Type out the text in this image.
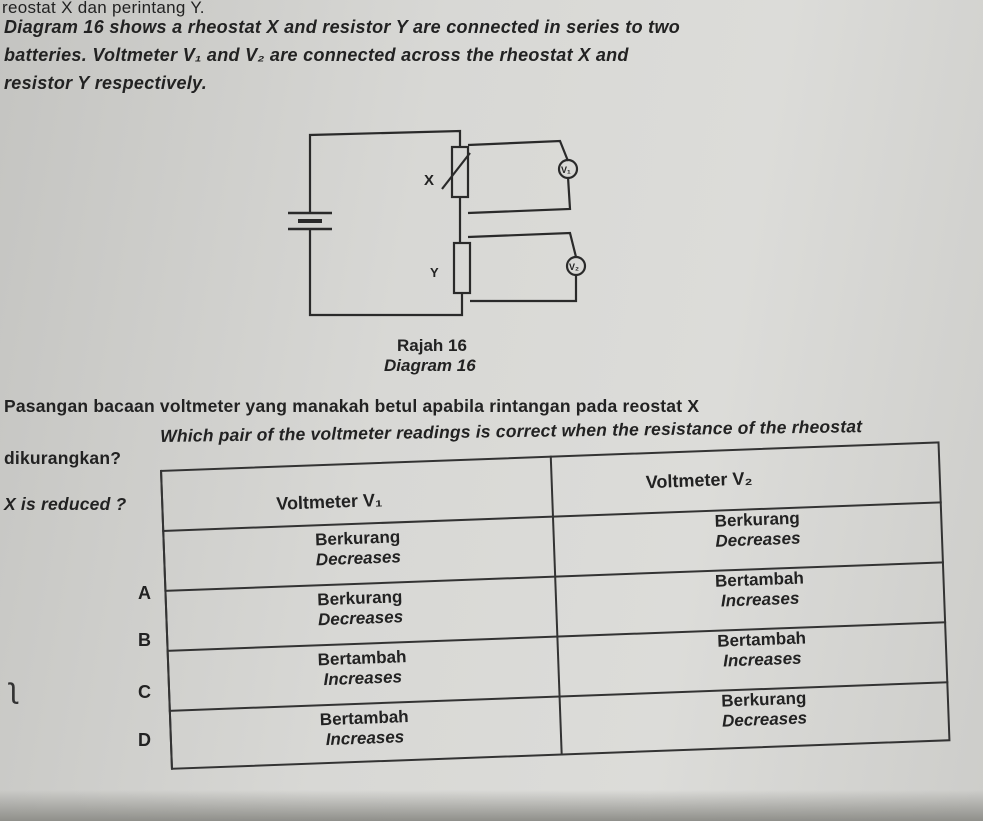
reostat X dan perintang Y.
Diagram 16 shows a rheostat X and resistor Y are connected in series to two
batteries. Voltmeter V₁ and V₂ are connected across the rheostat X and
resistor Y respectively.
X
Y
V₁
V₂
Rajah 16
Diagram 16
Pasangan bacaan voltmeter yang manakah betul apabila rintangan pada reostat X
Which pair of the voltmeter readings is correct when the resistance of the rheostat
dikurangkan?
X is reduced ?	Voltmeter V₁
Voltmeter V₂
Berkurang
Decreases
Berkurang
Decreases
Berkurang
Decreases
Bertambah
Increases
Bertambah
Increases
Bertambah
Increases
Bertambah
Increases
Berkurang
Decreases
A
B
C
D
ʅ
